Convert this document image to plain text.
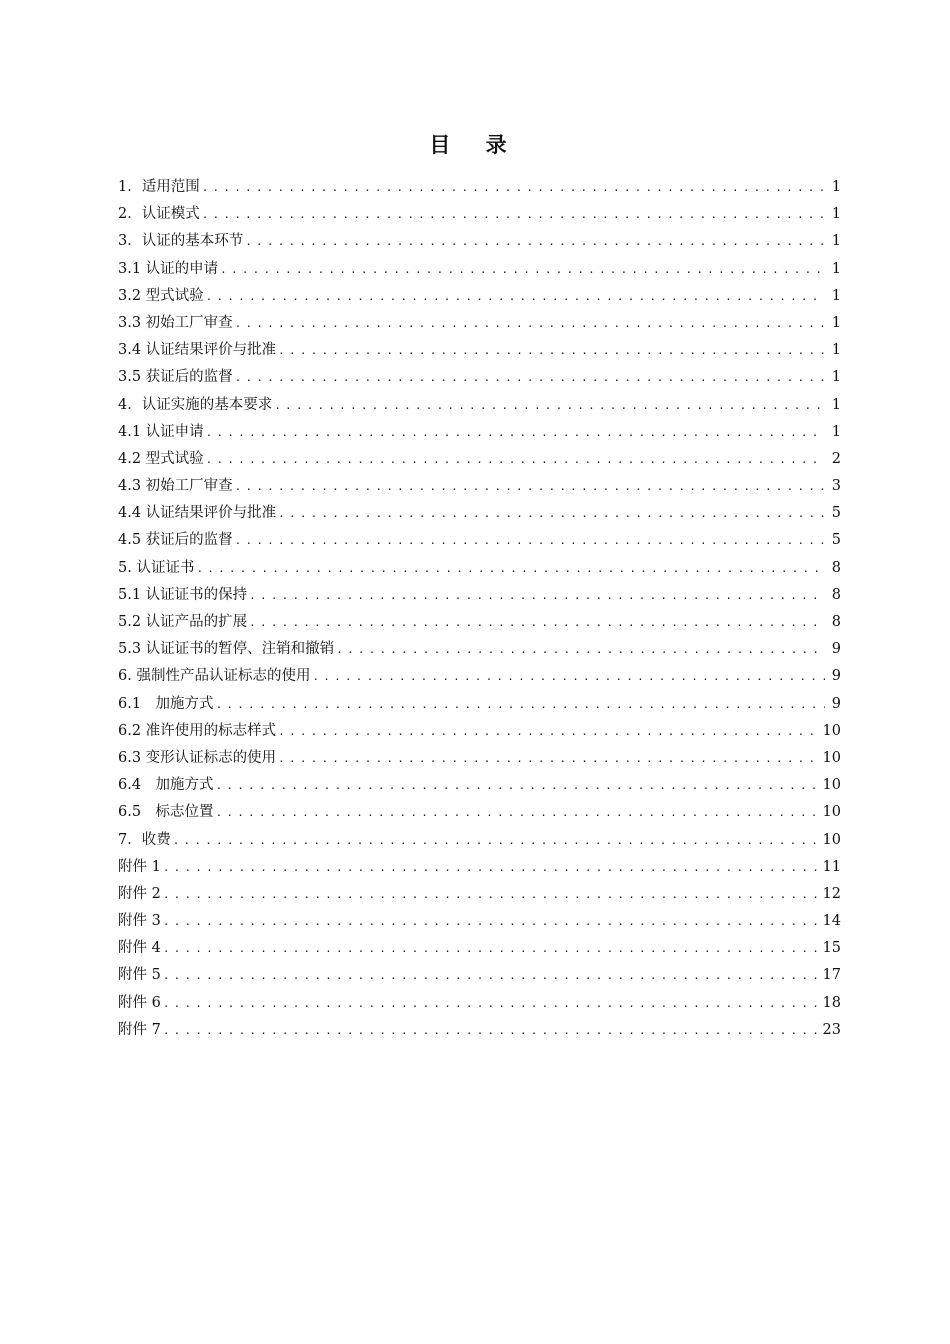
目 录
1．适用范围 .....	1
2．认证模式 .....	1
3．认证的基本环节 .....	1
3.1 认证的申请 .....	1
3.2 型式试验 .....	1
3.3 初始工厂审查 .....	1
3.4 认证结果评价与批准 .....	1
3.5 获证后的监督 .....	1
4．认证实施的基本要求 .....	1
4.1 认证申请 .....	1
4.2 型式试验 .....	2
4.3 初始工厂审查 .....	3
4.4 认证结果评价与批准 .....	5
4.5 获证后的监督 .....	5
5. 认证证书 .....	8
5.1 认证证书的保持 .....	8
5.2 认证产品的扩展 .....	8
5.3 认证证书的暂停、注销和撤销 .....	9
6. 强制性产品认证标志的使用 .....	9
6.1　加施方式 .....	9
6.2 准许使用的标志样式 .....	10
6.3 变形认证标志的使用 .....	10
6.4　加施方式 .....	10
6.5　标志位置 .....	10
7．收费 .....	10
附件 1 .....	11
附件 2 .....	12
附件 3 .....	14
附件 4 .....	15
附件 5 .....	17
附件 6 .....	18
附件 7 .....	23
